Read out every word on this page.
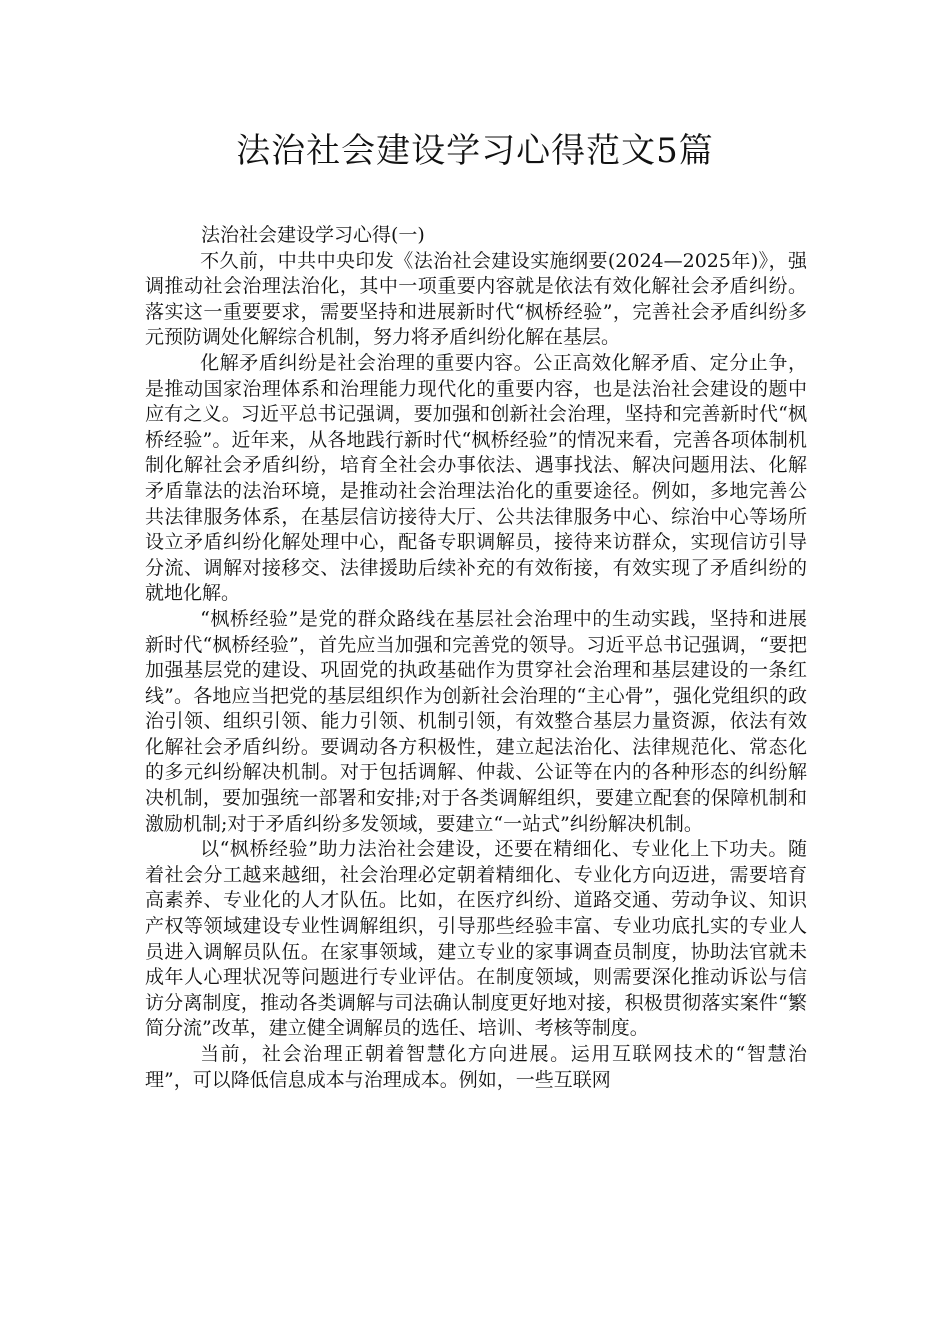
法治社会建设学习心得范文5篇

法治社会建设学习心得(一)

不久前，中共中央印发《法治社会建设实施纲要(2024—2025年)》，强调推动社会治理法治化，其中一项重要内容就是依法有效化解社会矛盾纠纷。落实这一重要要求，需要坚持和进展新时代“枫桥经验”，完善社会矛盾纠纷多元预防调处化解综合机制，努力将矛盾纠纷化解在基层。

化解矛盾纠纷是社会治理的重要内容。公正高效化解矛盾、定分止争，是推动国家治理体系和治理能力现代化的重要内容，也是法治社会建设的题中应有之义。习近平总书记强调，要加强和创新社会治理，坚持和完善新时代“枫桥经验”。近年来，从各地践行新时代“枫桥经验”的情况来看，完善各项体制机制化解社会矛盾纠纷，培育全社会办事依法、遇事找法、解决问题用法、化解矛盾靠法的法治环境，是推动社会治理法治化的重要途径。例如，多地完善公共法律服务体系，在基层信访接待大厅、公共法律服务中心、综治中心等场所设立矛盾纠纷化解处理中心，配备专职调解员，接待来访群众，实现信访引导分流、调解对接移交、法律援助后续补充的有效衔接，有效实现了矛盾纠纷的就地化解。

“枫桥经验”是党的群众路线在基层社会治理中的生动实践，坚持和进展新时代“枫桥经验”，首先应当加强和完善党的领导。习近平总书记强调，“要把加强基层党的建设、巩固党的执政基础作为贯穿社会治理和基层建设的一条红线”。各地应当把党的基层组织作为创新社会治理的“主心骨”，强化党组织的政治引领、组织引领、能力引领、机制引领，有效整合基层力量资源，依法有效化解社会矛盾纠纷。要调动各方积极性，建立起法治化、法律规范化、常态化的多元纠纷解决机制。对于包括调解、仲裁、公证等在内的各种形态的纠纷解决机制，要加强统一部署和安排;对于各类调解组织，要建立配套的保障机制和激励机制;对于矛盾纠纷多发领域，要建立“一站式”纠纷解决机制。

以“枫桥经验”助力法治社会建设，还要在精细化、专业化上下功夫。随着社会分工越来越细，社会治理必定朝着精细化、专业化方向迈进，需要培育高素养、专业化的人才队伍。比如，在医疗纠纷、道路交通、劳动争议、知识产权等领域建设专业性调解组织，引导那些经验丰富、专业功底扎实的专业人员进入调解员队伍。在家事领域，建立专业的家事调查员制度，协助法官就未成年人心理状况等问题进行专业评估。在制度领域，则需要深化推动诉讼与信访分离制度，推动各类调解与司法确认制度更好地对接，积极贯彻落实案件“繁简分流”改革，建立健全调解员的选任、培训、考核等制度。

当前，社会治理正朝着智慧化方向进展。运用互联网技术的“智慧治理”，可以降低信息成本与治理成本。例如，一些互联网
